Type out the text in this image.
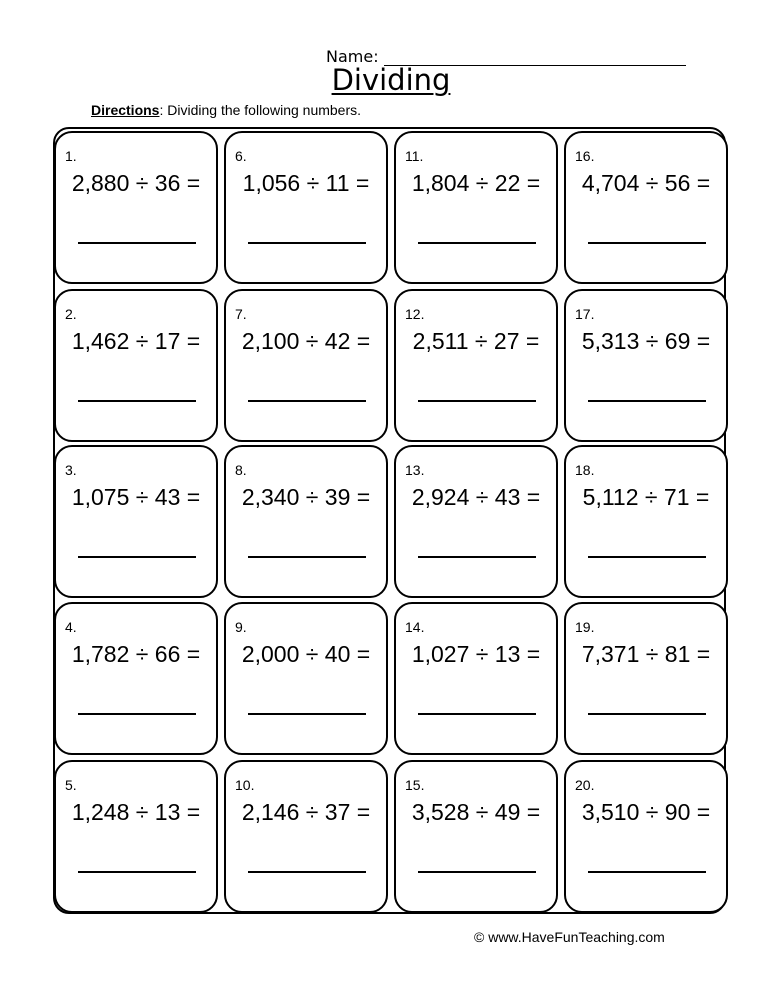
Name:
Dividing
Directions: Dividing the following numbers.
1.
2,880 ÷ 36 =
2.
1,462 ÷ 17 =
3.
1,075 ÷ 43 =
4.
1,782 ÷ 66 =
5.
1,248 ÷ 13 =
6.
1,056 ÷ 11 =
7.
2,100 ÷ 42 =
8.
2,340 ÷ 39 =
9.
2,000 ÷ 40 =
10.
2,146 ÷ 37 =
11.
1,804 ÷ 22 =
12.
2,511 ÷ 27 =
13.
2,924 ÷ 43 =
14.
1,027 ÷ 13 =
15.
3,528 ÷ 49 =
16.
4,704 ÷ 56 =
17.
5,313 ÷ 69 =
18.
5,112 ÷ 71 =
19.
7,371 ÷ 81 =
20.
3,510 ÷ 90 =
© www.HaveFunTeaching.com
